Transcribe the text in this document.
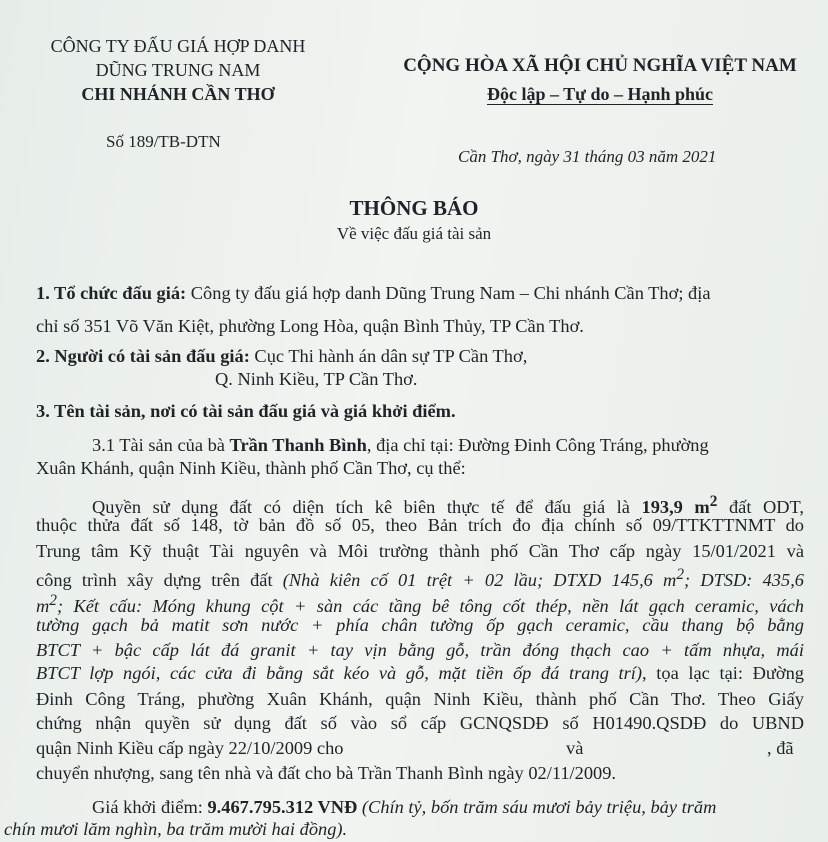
CÔNG TY ĐẤU GIÁ HỢP DANH
DŨNG TRUNG NAM
CHI NHÁNH CẦN THƠ
CỘNG HÒA XÃ HỘI CHỦ NGHĨA VIỆT NAM
Độc lập – Tự do – Hạnh phúc
Số 189/TB-DTN
Cần Thơ, ngày 31 tháng 03 năm 2021
THÔNG BÁO
Về việc đấu giá tài sản
1. Tổ chức đấu giá: Công ty đấu giá hợp danh Dũng Trung Nam – Chi nhánh Cần Thơ; địa
chỉ số 351 Võ Văn Kiệt, phường Long Hòa, quận Bình Thủy, TP Cần Thơ.
2. Người có tài sản đấu giá: Cục Thi hành án dân sự TP Cần Thơ,
Q. Ninh Kiều, TP Cần Thơ.
3. Tên tài sản, nơi có tài sản đấu giá và giá khởi điểm.
3.1 Tài sản của bà Trần Thanh Bình, địa chỉ tại: Đường Đinh Công Tráng, phường
Xuân Khánh, quận Ninh Kiều, thành phố Cần Thơ, cụ thể:
Quyền sử dụng đất có diện tích kê biên thực tế để đấu giá là 193,9 $m^2$ đất ODT,
thuộc thửa đất số 148, tờ bản đồ số 05, theo Bản trích đo địa chính số 09/TTKTTNMT do
Trung tâm Kỹ thuật Tài nguyên và Môi trường thành phố Cần Thơ cấp ngày 15/01/2021 và
công trình xây dựng trên đất (Nhà kiên cố 01 trệt + 02 lầu; DTXD 145,6 $m^2$; DTSD: 435,6
$m^2$; Kết cấu: Móng khung cột + sàn các tầng bê tông cốt thép, nền lát gạch ceramic, vách
tường gạch bả matit sơn nước + phía chân tường ốp gạch ceramic, cầu thang bộ bằng
BTCT + bậc cấp lát đá granit + tay vịn bằng gỗ, trần đóng thạch cao + tấm nhựa, mái
BTCT lợp ngói, các cửa đi bằng sắt kéo và gỗ, mặt tiền ốp đá trang trí), tọa lạc tại: Đường
Đinh Công Tráng, phường Xuân Khánh, quận Ninh Kiều, thành phố Cần Thơ. Theo Giấy
chứng nhận quyền sử dụng đất số vào sổ cấp GCNQSDĐ số H01490.QSDĐ do UBND
quận Ninh Kiều cấp ngày 22/10/2009 cho	và	, đã
chuyển nhượng, sang tên nhà và đất cho bà Trần Thanh Bình ngày 02/11/2009.
Giá khởi điểm: 9.467.795.312 VNĐ (Chín tỷ, bốn trăm sáu mươi bảy triệu, bảy trăm
chín mươi lăm nghìn, ba trăm mười hai đồng).
